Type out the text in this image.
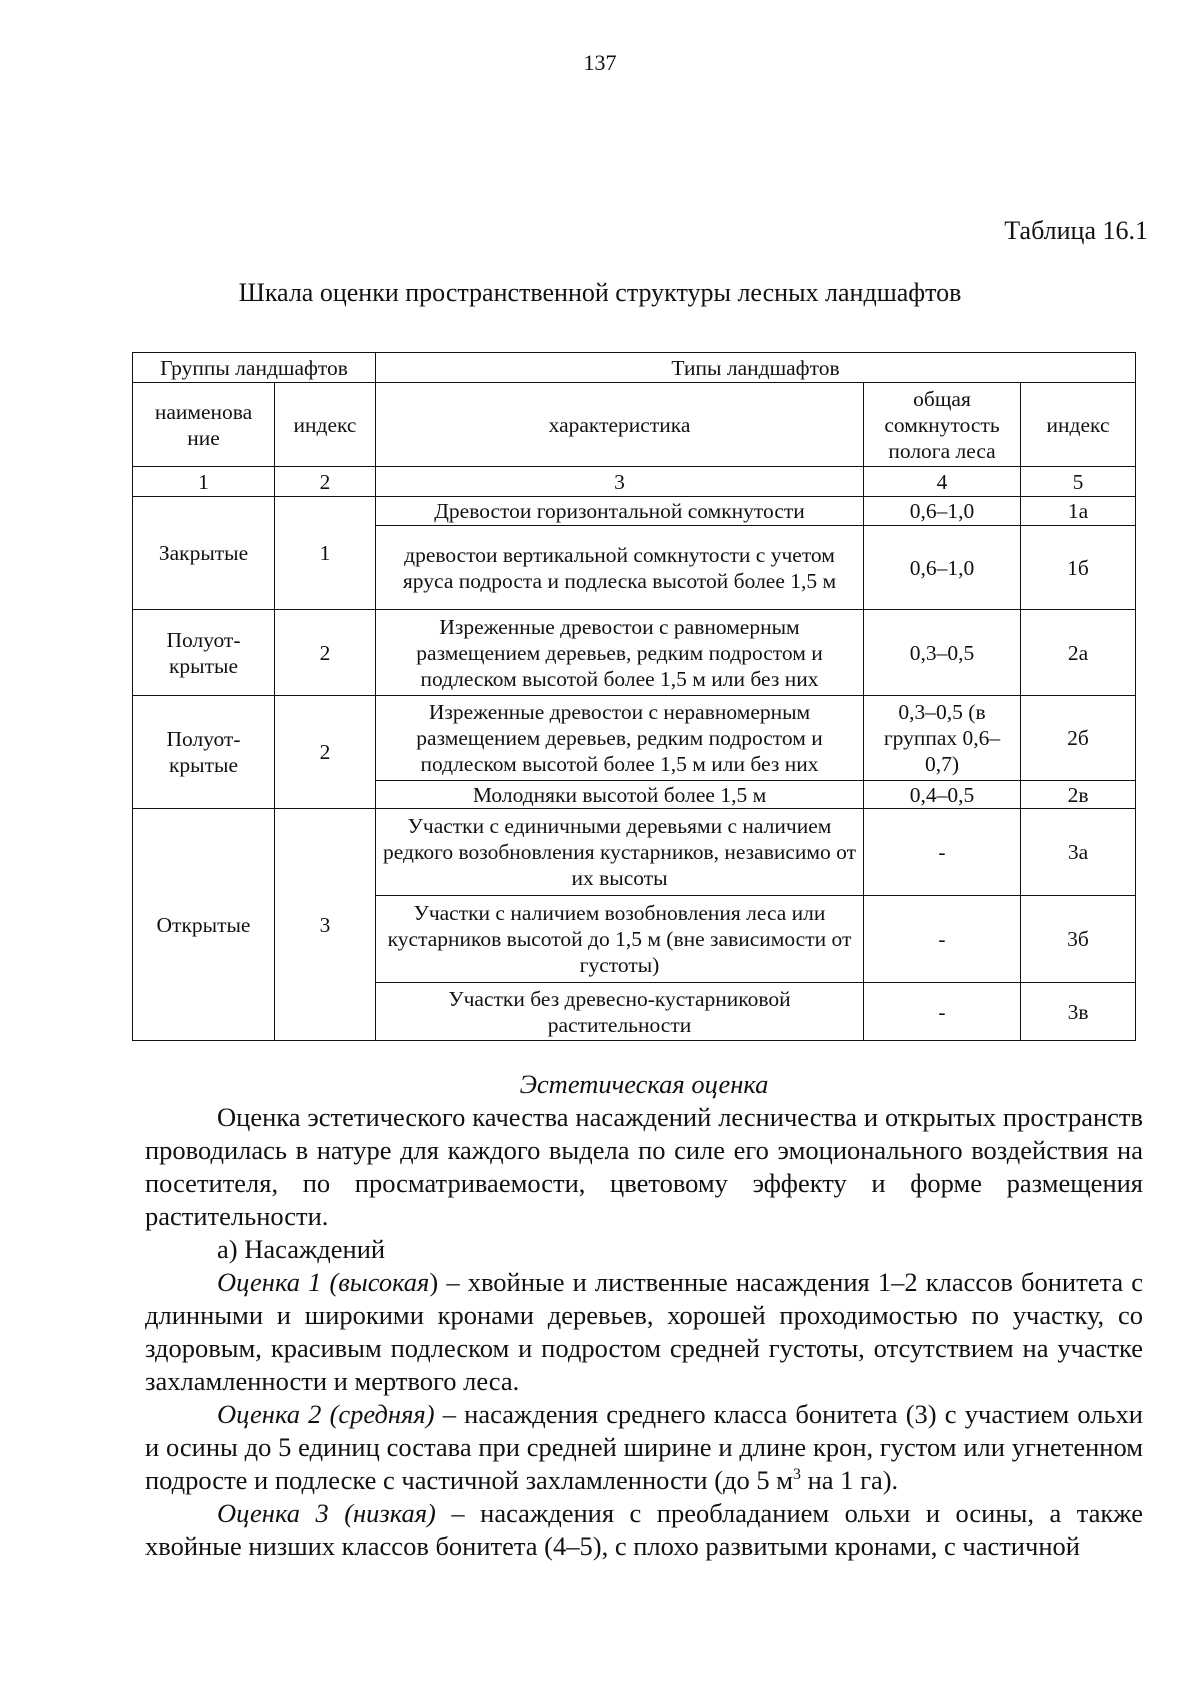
137
Таблица 16.1
Шкала оценки пространственной структуры лесных ландшафтов
Группы ландшафтов		Типы ландшафтов		
наименова ние	индекс	характеристика	общая сомкнутость полога леса	индекс
1	2	3	4	5
Закрытые	1	Древостои горизонтальной сомкнутости	0,6–1,0	1а
		древостои вертикальной сомкнутости с учетом яруса подроста и подлеска высотой более 1,5 м	0,6–1,0	1б
Полуот-крытые	2	Изреженные древостои с равномерным размещением деревьев, редким подростом и подлеском высотой более 1,5 м или без них	0,3–0,5	2а
Полуот-крытые	2	Изреженные древостои с неравномерным размещением деревьев, редким подростом и подлеском высотой более 1,5 м или без них	0,3–0,5 (в группах 0,6–0,7)	2б
		Молодняки высотой более 1,5 м	0,4–0,5	2в
Открытые	3	Участки с единичными деревьями с наличием редкого возобновления кустарников, независимо от их высоты	-	3а
		Участки с наличием возобновления леса или кустарников высотой до 1,5 м (вне зависимости от густоты)	-	3б
		Участки без древесно-кустарниковой растительности	-	3в

Эстетическая оценка

Оценка эстетического качества насаждений лесничества и открытых пространств проводилась в натуре для каждого выдела по силе его эмоционального воздействия на посетителя, по просматриваемости, цветовому эффекту и форме размещения растительности.

а) Насаждений

Оценка 1 (высокая) – хвойные и лиственные насаждения 1–2 классов бонитета с длинными и широкими кронами деревьев, хорошей проходимостью по участку, со здоровым, красивым подлеском и подростом средней густоты, отсутствием на участке захламленности и мертвого леса.

Оценка 2 (средняя) – насаждения среднего класса бонитета (3) с участием ольхи и осины до 5 единиц состава при средней ширине и длине крон, густом или угнетенном подросте и подлеске с частичной захламленности (до 5 $м^3$ на 1 га).

Оценка 3 (низкая) – насаждения с преобладанием ольхи и осины, а также хвойные низших классов бонитета (4–5), с плохо развитыми кронами, с частичной
